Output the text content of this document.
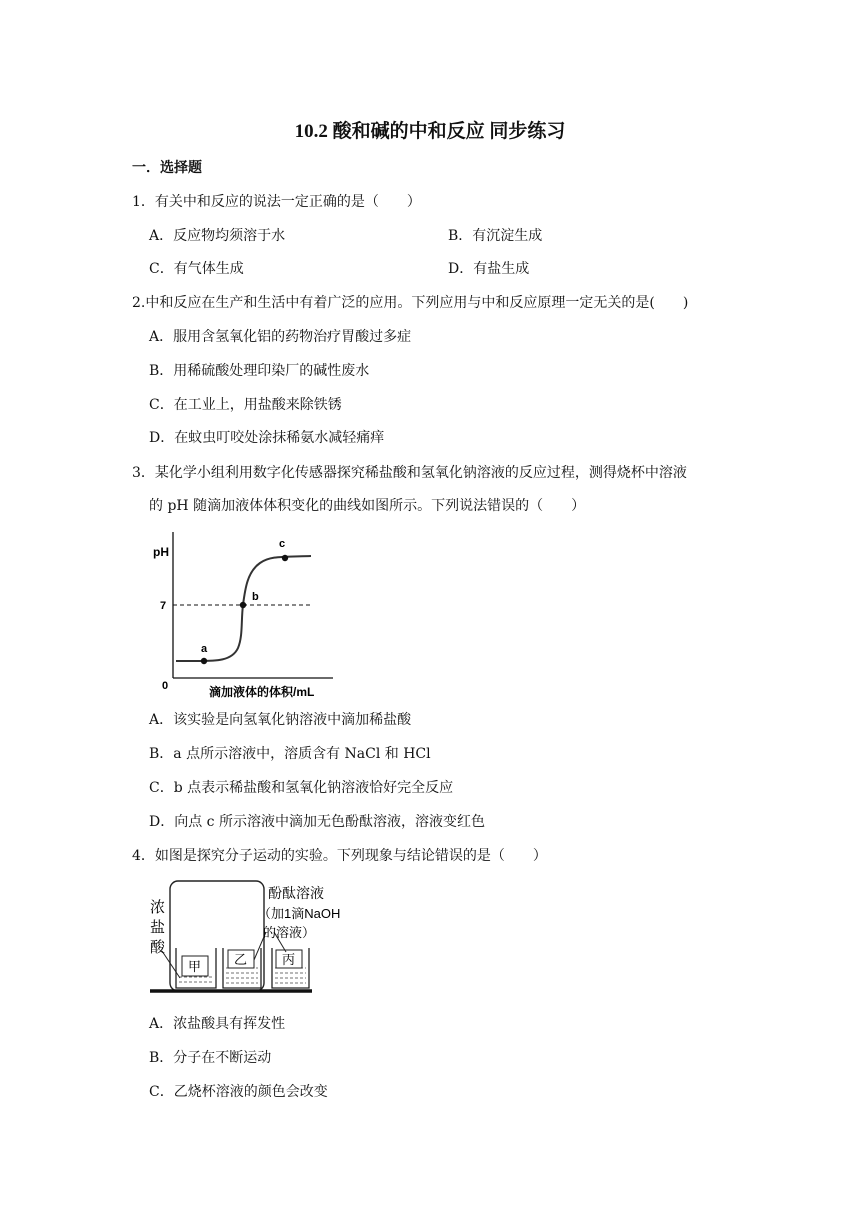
10.2 酸和碱的中和反应 同步练习
一．选择题
1．有关中和反应的说法一定正确的是（　　）
A．反应物均须溶于水	B．有沉淀生成
C．有气体生成	D．有盐生成
2.中和反应在生产和生活中有着广泛的应用。下列应用与中和反应原理一定无关的是(　　)
A．服用含氢氧化铝的药物治疗胃酸过多症
B．用稀硫酸处理印染厂的碱性废水
C．在工业上，用盐酸来除铁锈
D．在蚊虫叮咬处涂抹稀氨水减轻痛痒
3．某化学小组利用数字化传感器探究稀盐酸和氢氧化钠溶液的反应过程，测得烧杯中溶液
的 pH 随滴加液体体积变化的曲线如图所示。下列说法错误的（　　）
pH
7
0
a
b
c
滴加液体的体积/mL
A．该实验是向氢氧化钠溶液中滴加稀盐酸
B．a 点所示溶液中，溶质含有 NaCl 和 HCl
C．b 点表示稀盐酸和氢氧化钠溶液恰好完全反应
D．向点 c 所示溶液中滴加无色酚酞溶液，溶液变红色
4．如图是探究分子运动的实验。下列现象与结论错误的是（　　）
甲	乙	丙
浓
盐
酸
酚酞溶液
（加1滴NaOH
的溶液）
A．浓盐酸具有挥发性
B．分子在不断运动
C．乙烧杯溶液的颜色会改变
